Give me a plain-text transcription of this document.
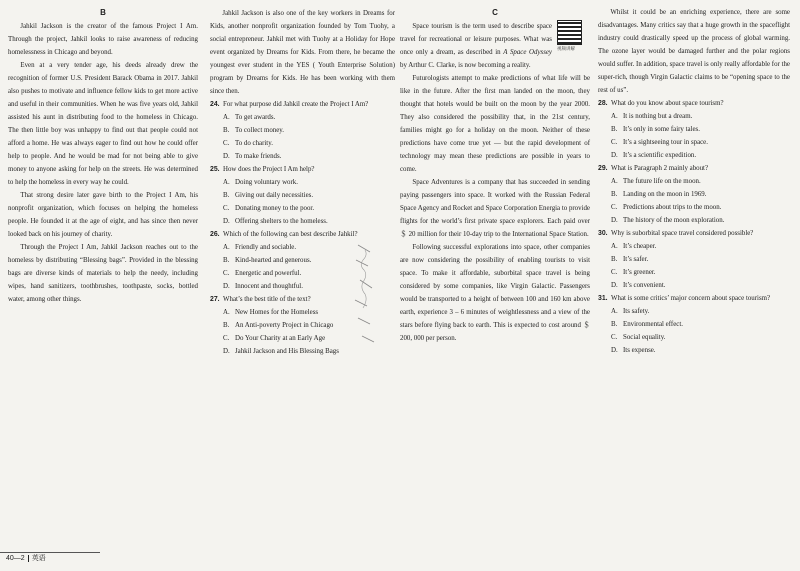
B

Jahkil Jackson is the creator of the famous Project I Am. Through the project, Jahkil looks to raise awareness of reducing homelessness in Chicago and beyond.

Even at a very tender age, his deeds already drew the recognition of former U.S. President Barack Obama in 2017. Jahkil also pushes to motivate and influence fellow kids to get more active and useful in their communities. When he was five years old, Jahkil assisted his aunt in distributing food to the homeless in Chicago. The then little boy was unhappy to find out that people could not afford a home. He was always eager to find out how he could offer help to people. And he would be mad for not being able to give money to anyone asking for help on the streets. He was determined to help the homeless in every way he could.

That strong desire later gave birth to the Project I Am, his nonprofit organization, which focuses on helping the homeless people. He founded it at the age of eight, and has since then never looked back on his journey of charity.

Through the Project I Am, Jahkil Jackson reaches out to the homeless by distributing “Blessing bags”. Provided in the blessing bags are diverse kinds of materials to help the needy, including wipes, hand sanitizers, toothbrushes, toothpaste, socks, bottled water, among other things.

Jahkil Jackson is also one of the key workers in Dreams for Kids, another nonprofit organization founded by Tom Tuohy, a social entrepreneur. Jahkil met with Tuohy at a Holiday for Hope event organized by Dreams for Kids. From there, he became the youngest ever student in the YES ( Youth Enterprise Solution) program by Dreams for Kids. He has been working with them since then.

24. For what purpose did Jahkil create the Project I Am?
A. To get awards.
B. To collect money.
C. To do charity.
D. To make friends.
25. How does the Project I Am help?
A. Doing voluntary work.
B. Giving out daily necessities.
C. Donating money to the poor.
D. Offering shelters to the homeless.
26. Which of the following can best describe Jahkil?
A. Friendly and sociable.
B. Kind-hearted and generous.
C. Energetic and powerful.
D. Innocent and thoughtful.
27. What’s the best title of the text?
A. New Homes for the Homeless
B. An Anti-poverty Project in Chicago
C. Do Your Charity at an Early Age
D. Jahkil Jackson and His Blessing Bags
C

Space tourism is the term used to describe space travel for recreational or leisure purposes. What was once only a dream, as described in A Space Odyssey by Arthur C. Clarke, is now becoming a reality.

Futurologists attempt to make predictions of what life will be like in the future. After the first man landed on the moon, they thought that hotels would be built on the moon by the year 2000. They also considered the possibility that, in the 21st century, families might go for a holiday on the moon. Neither of these predictions have come true yet — but the rapid development of technology may mean these predictions are possible in years to come.

Space Adventures is a company that has succeeded in sending paying passengers into space. It worked with the Russian Federal Space Agency and Rocket and Space Corporation Energia to provide flights for the world’s first private space explorers. Each paid over ＄ 20 million for their 10-day trip to the International Space Station.

Following successful explorations into space, other companies are now considering the possibility of enabling tourists to visit space. To make it affordable, suborbital space travel is being considered by some companies, like Virgin Galactic. Passengers would be transported to a height of between 100 and 160 km above earth, experience 3 – 6 minutes of weightlessness and a view of the stars before flying back to earth. This is expected to cost around ＄ 200, 000 per person.

视频讲解

Whilst it could be an enriching experience, there are some disadvantages. Many critics say that a huge growth in the spaceflight industry could drastically speed up the process of global warming. The ozone layer would be damaged further and the polar regions would suffer. In addition, space travel is only really affordable for the super-rich, though Virgin Galactic claims to be “opening space to the rest of us”.

28. What do you know about space tourism?
A. It is nothing but a dream.
B. It’s only in some fairy tales.
C. It’s a sightseeing tour in space.
D. It’s a scientific expedition.
29. What is Paragraph 2 mainly about?
A. The future life on the moon.
B. Landing on the moon in 1969.
C. Predictions about trips to the moon.
D. The history of the moon exploration.
30. Why is suborbital space travel considered possible?
A. It’s cheaper.
B. It’s safer.
C. It’s greener.
D. It’s convenient.
31. What is some critics’ major concern about space tourism?
A. Its safety.
B. Environmental effect.
C. Social equality.
D. Its expense.
40—2 英语
